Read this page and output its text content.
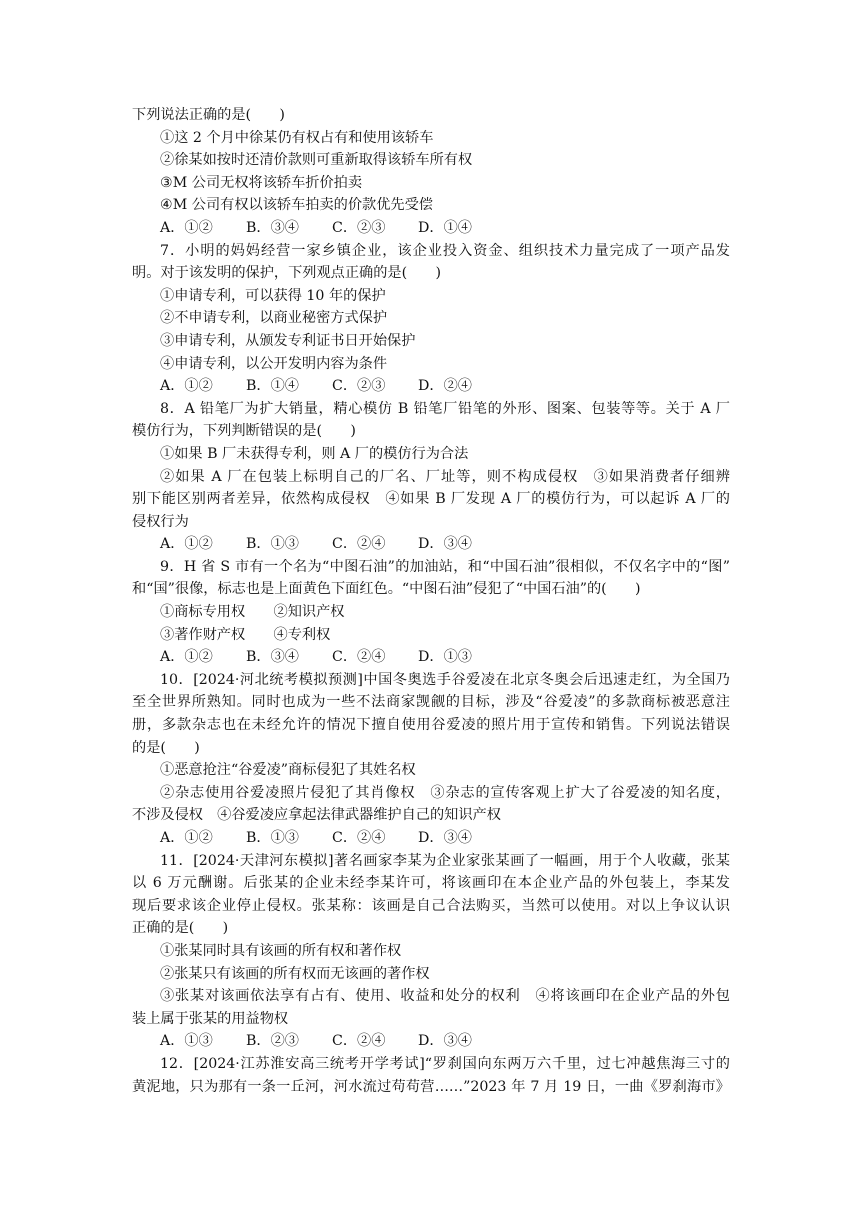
下列说法正确的是(　　)
①这 2 个月中徐某仍有权占有和使用该轿车
②徐某如按时还清价款则可重新取得该轿车所有权
③M 公司无权将该轿车折价拍卖
④M 公司有权以该轿车拍卖的价款优先受偿
A．①② B．③④ C．②③ D．①④
7．小明的妈妈经营一家乡镇企业，该企业投入资金、组织技术力量完成了一项产品发
明。对于该发明的保护，下列观点正确的是(　　)
①申请专利，可以获得 10 年的保护
②不申请专利，以商业秘密方式保护
③申请专利，从颁发专利证书日开始保护
④申请专利，以公开发明内容为条件
A．①② B．①④ C．②③ D．②④
8．A 铅笔厂为扩大销量，精心模仿 B 铅笔厂铅笔的外形、图案、包装等等。关于 A 厂
模仿行为，下列判断错误的是(　　)
①如果 B 厂未获得专利，则 A 厂的模仿行为合法
②如果 A 厂在包装上标明自己的厂名、厂址等，则不构成侵权　③如果消费者仔细辨
别下能区别两者差异，依然构成侵权　④如果 B 厂发现 A 厂的模仿行为，可以起诉 A 厂的
侵权行为
A．①② B．①③ C．②④ D．③④
9．H 省 S 市有一个名为“中图石油”的加油站，和“中国石油”很相似，不仅名字中的“图”
和“国”很像，标志也是上面黄色下面红色。“中图石油”侵犯了“中国石油”的(　　)
①商标专用权　　②知识产权
③著作财产权　　④专利权
A．①② B．③④ C．②④ D．①③
10．[2024·河北统考模拟预测]中国冬奥选手谷爱凌在北京冬奥会后迅速走红，为全国乃
至全世界所熟知。同时也成为一些不法商家觊觎的目标，涉及“谷爱凌”的多款商标被恶意注
册，多款杂志也在未经允许的情况下擅自使用谷爱凌的照片用于宣传和销售。下列说法错误
的是(　　)
①恶意抢注“谷爱凌”商标侵犯了其姓名权
②杂志使用谷爱凌照片侵犯了其肖像权　③杂志的宣传客观上扩大了谷爱凌的知名度，
不涉及侵权　④谷爱凌应拿起法律武器维护自己的知识产权
A．①② B．①③ C．②④ D．③④
11．[2024·天津河东模拟]著名画家李某为企业家张某画了一幅画，用于个人收藏，张某
以 6 万元酬谢。后张某的企业未经李某许可，将该画印在本企业产品的外包装上，李某发
现后要求该企业停止侵权。张某称：该画是自己合法购买，当然可以使用。对以上争议认识
正确的是(　　)
①张某同时具有该画的所有权和著作权
②张某只有该画的所有权而无该画的著作权
③张某对该画依法享有占有、使用、收益和处分的权利　④将该画印在企业产品的外包
装上属于张某的用益物权
A．①③ B．②③ C．②④ D．③④
12．[2024·江苏淮安高三统考开学考试]“罗刹国向东两万六千里，过七冲越焦海三寸的
黄泥地，只为那有一条一丘河，河水流过苟苟营……”2023 年 7 月 19 日，一曲《罗刹海市》
